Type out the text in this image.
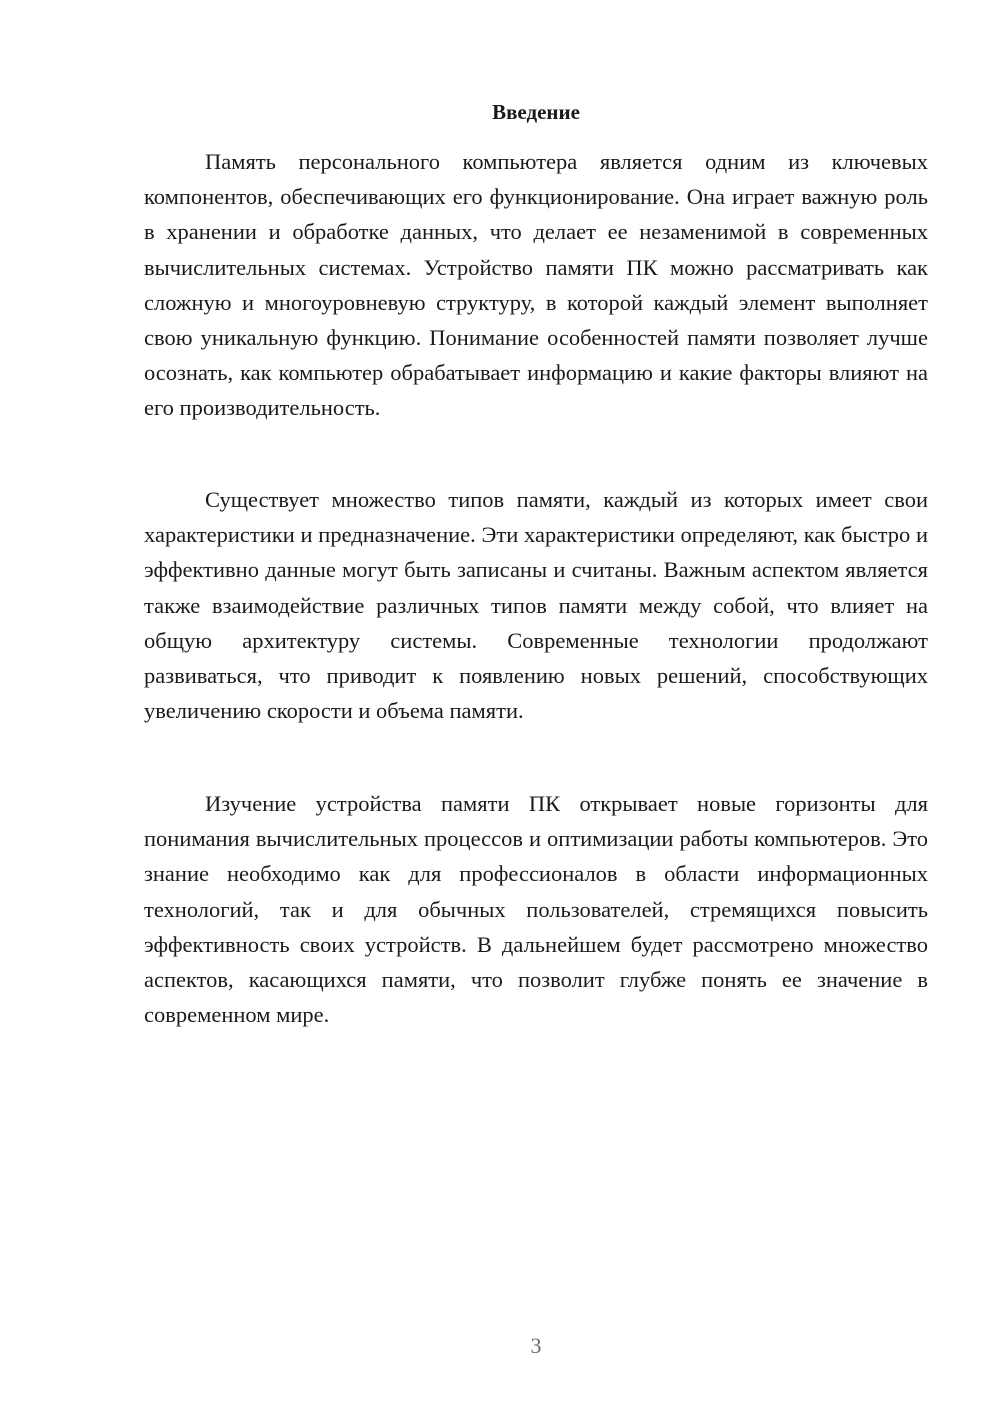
Введение

Память персонального компьютера является одним из ключевых компонентов, обеспечивающих его функционирование. Она играет важную роль в хранении и обработке данных, что делает ее незаменимой в современных вычислительных системах. Устройство памяти ПК можно рассматривать как сложную и многоуровневую структуру, в которой каждый элемент выполняет свою уникальную функцию. Понимание особенностей памяти позволяет лучше осознать, как компьютер обрабатывает информацию и какие факторы влияют на его производительность.

Существует множество типов памяти, каждый из которых имеет свои характеристики и предназначение. Эти характеристики определяют, как быстро и эффективно данные могут быть записаны и считаны. Важным аспектом является также взаимодействие различных типов памяти между собой, что влияет на общую архитектуру системы. Современные технологии продолжают развиваться, что приводит к появлению новых решений, способствующих увеличению скорости и объема памяти.

Изучение устройства памяти ПК открывает новые горизонты для понимания вычислительных процессов и оптимизации работы компьютеров. Это знание необходимо как для профессионалов в области информационных технологий, так и для обычных пользователей, стремящихся повысить эффективность своих устройств. В дальнейшем будет рассмотрено множество аспектов, касающихся памяти, что позволит глубже понять ее значение в современном мире.

3
